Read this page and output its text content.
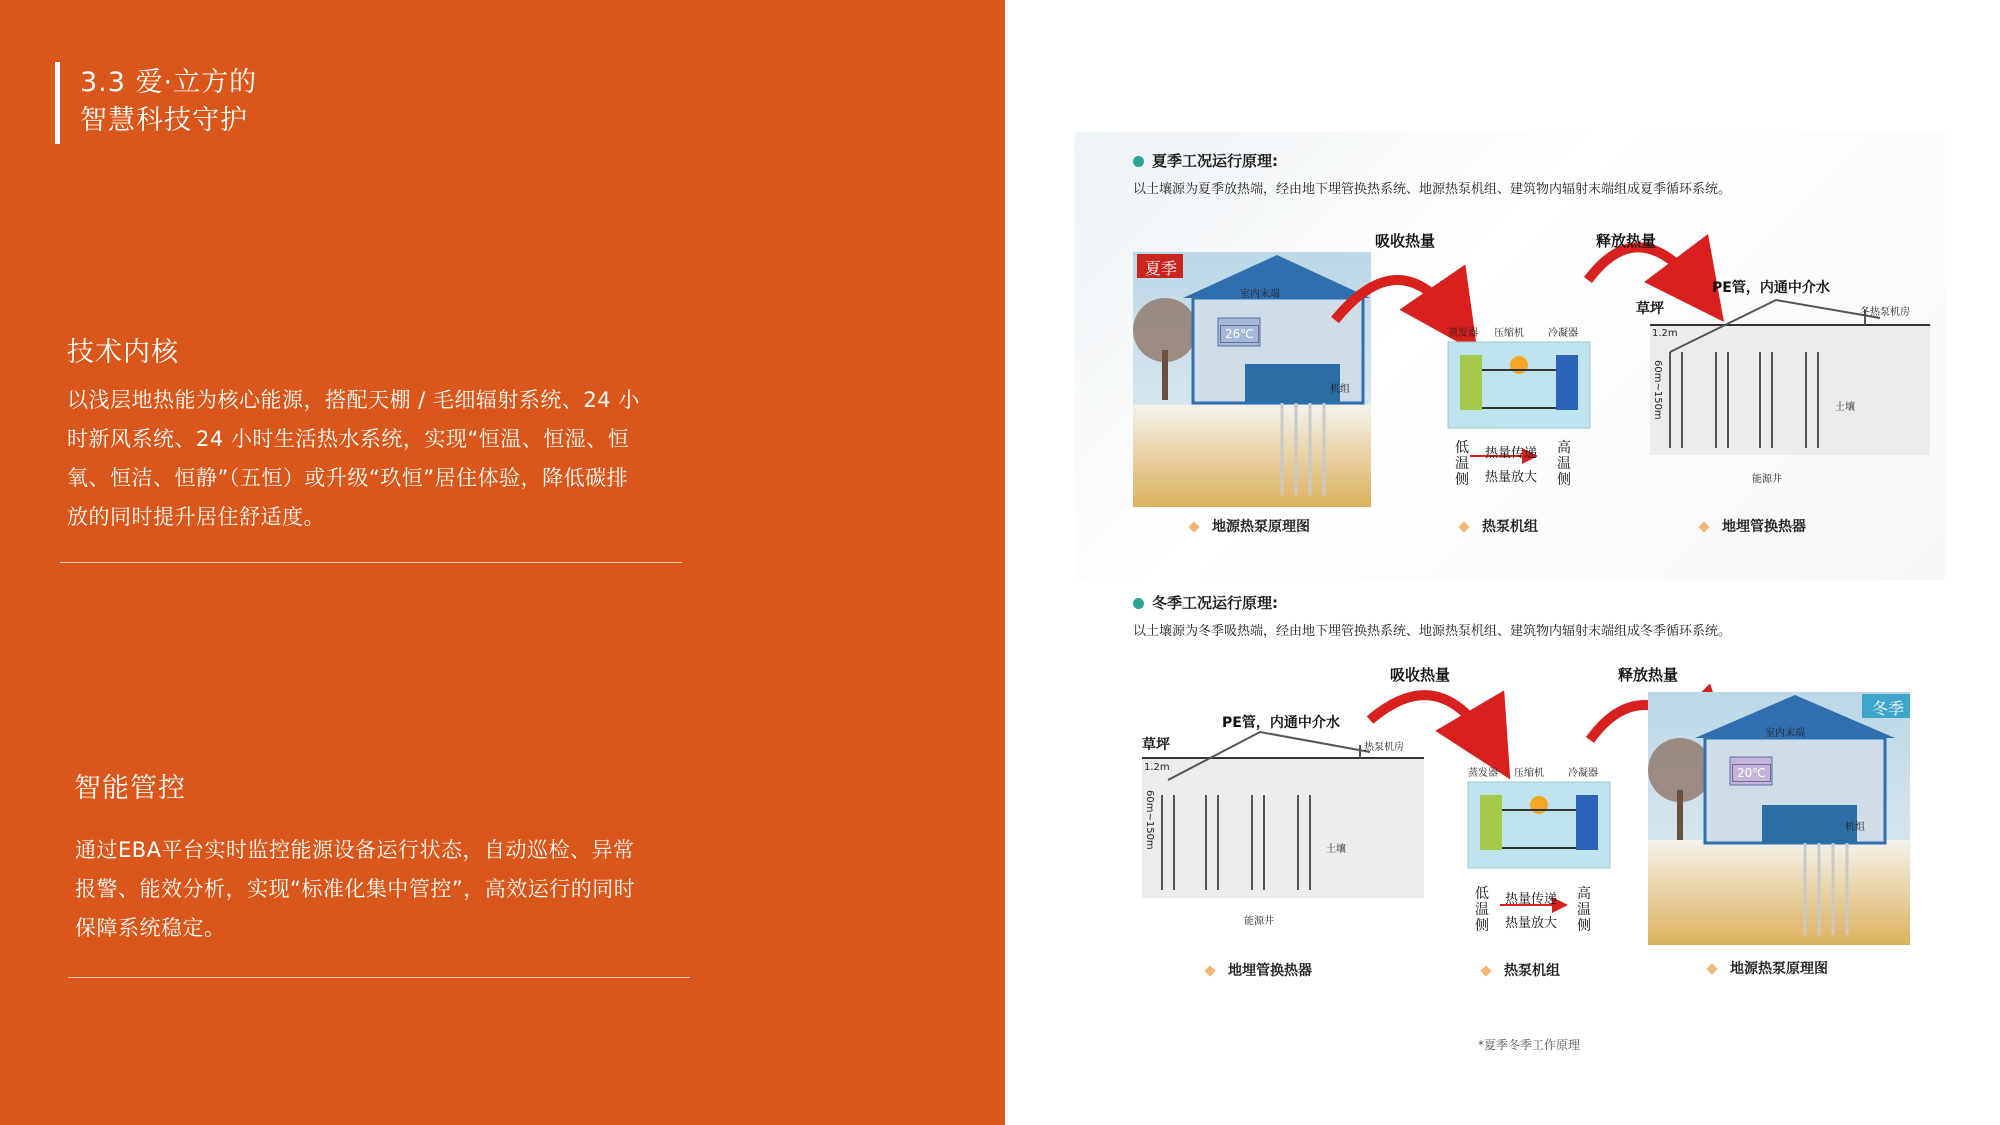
3.3 爱·立方的
智慧科技守护
技术内核
以浅层地热能为核心能源，搭配天棚 / 毛细辐射系统、24 小
时新风系统、24 小时生活热水系统，实现“恒温、恒湿、恒
氧、恒洁、恒静”（五恒）或升级“玖恒”居住体验，降低碳排
放的同时提升居住舒适度。
智能管控
通过EBA平台实时监控能源设备运行状态，自动巡检、异常
报警、能效分析，实现“标准化集中管控”，高效运行的同时
保障系统稳定。
夏季工况运行原理:
以土壤源为夏季放热端，经由地下埋管换热系统、地源热泵机组、建筑物内辐射末端组成夏季循环系统。
夏季
吸收热量	释放热量
26℃
室内末端
机组
蒸发器 压缩机 冷凝器
低温侧
高温侧
热量传递
热量放大
PE管，内通中介水
草坪	冬热泵机房
60m~150m
1.2m
土壤
能源井
地源热泵原理图	热泵机组	地埋管换热器
冬季工况运行原理:
以土壤源为冬季吸热端，经由地下埋管换热系统、地源热泵机组、建筑物内辐射末端组成冬季循环系统。
冬季
吸收热量	释放热量
20℃
室内末端
机组
蒸发器 压缩机 冷凝器
低温侧
高温侧
热量传递
热量放大
PE管，内通中介水
草坪	热泵机房
60m~150m
1.2m
土壤
能源井
地埋管换热器	热泵机组	地源热泵原理图
*夏季冬季工作原理
